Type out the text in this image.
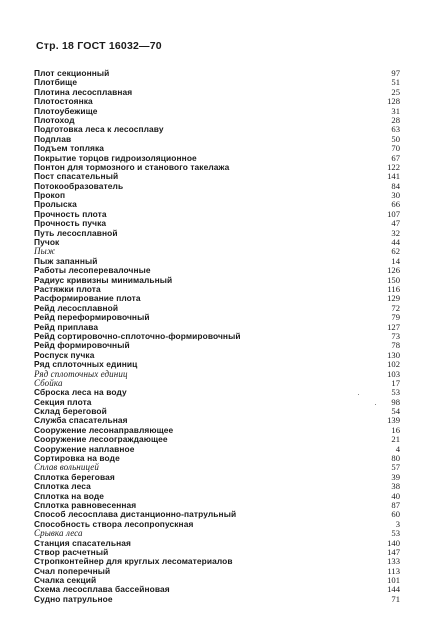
Стр. 18 ГОСТ 16032—70
Плот секционный	97
Плотбище	51
Плотина лесосплавная	25
Плотостоянка	128
Плотоубежище	31
Плотоход	28
Подготовка леса к лесосплаву	63
Подплав	50
Подъем топляка	70
Покрытие торцов гидроизоляционное	67
Понтон для тормозного и станового такелажа	122
Пост спасательный	141
Потокообразователь	84
Прокоп	30
Пролыска	66
Прочность плота	107
Прочность пучка	47
Путь лесосплавной	32
Пучок	44
Пыж	62
Пыж запанный	14
Работы лесоперевалочные	126
Радиус кривизны минимальный	150
Растяжки плота	116
Расформирование плота	129
Рейд лесосплавной	72
Рейд переформировочный	79
Рейд приплава	127
Рейд сортировочно-сплоточно-формировочный	73
Рейд формировочный	78
Роспуск пучка	130
Ряд сплоточных единиц	102
Ряд сплоточных единиц	103
Сбойка	17
Сброска леса на воду	53
Секция плота	98
Склад береговой	54
Служба спасательная	139
Сооружение лесонаправляющее	16
Сооружение лесоограждающее	21
Сооружение наплавное	4
Сортировка на воде	80
Сплав вольницей	57
Сплотка береговая	39
Сплотка леса	38
Сплотка на воде	40
Сплотка равновесенная	87
Способ лесосплава дистанционно-патрульный	60
Способность створа лесопропускная	3
Срывка леса	53
Станция спасательная	140
Створ расчетный	147
Стропконтейнер для круглых лесоматериалов	133
Счал поперечный	113
Счалка секций	101
Схема лесосплава бассейновая	144
Судно патрульное	71
